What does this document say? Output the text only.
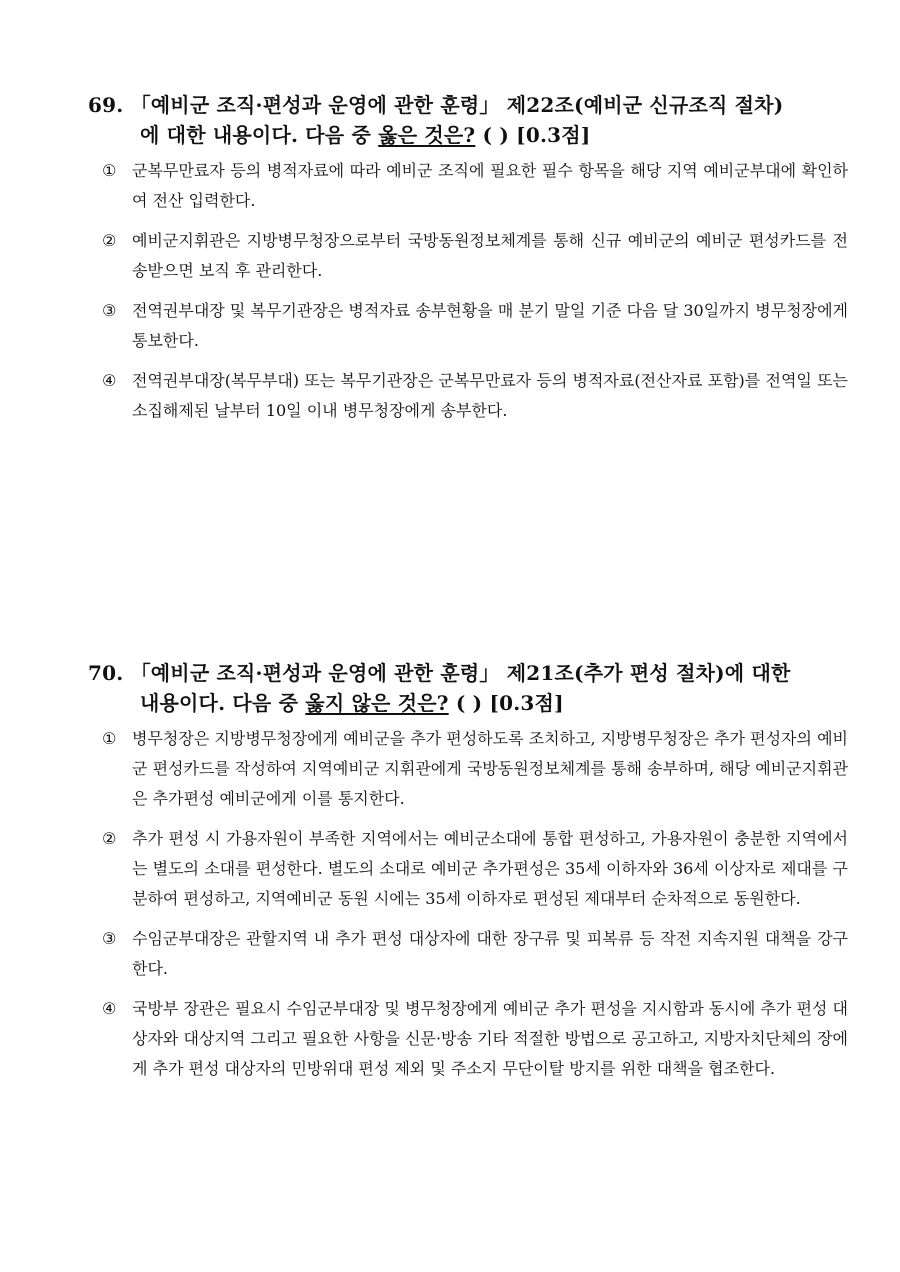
69. 「예비군 조직·편성과 운영에 관한 훈령」 제22조(예비군 신규조직 절차)
에 대한 내용이다. 다음 중 옳은 것은? ( ) [0.3점]
① 군복무만료자 등의 병적자료에 따라 예비군 조직에 필요한 필수 항목을 해당 지역 예비군부대에 확인하여 전산 입력한다.
② 예비군지휘관은 지방병무청장으로부터 국방동원정보체계를 통해 신규 예비군의 예비군 편성카드를 전송받으면 보직 후 관리한다.
③ 전역권부대장 및 복무기관장은 병적자료 송부현황을 매 분기 말일 기준 다음 달 30일까지 병무청장에게 통보한다.
④ 전역권부대장(복무부대) 또는 복무기관장은 군복무만료자 등의 병적자료(전산자료 포함)를 전역일 또는 소집해제된 날부터 10일 이내 병무청장에게 송부한다.
70. 「예비군 조직·편성과 운영에 관한 훈령」 제21조(추가 편성 절차)에 대한
내용이다. 다음 중 옳지 않은 것은? ( ) [0.3점]
① 병무청장은 지방병무청장에게 예비군을 추가 편성하도록 조치하고, 지방병무청장은 추가 편성자의 예비군 편성카드를 작성하여 지역예비군 지휘관에게 국방동원정보체계를 통해 송부하며, 해당 예비군지휘관은 추가편성 예비군에게 이를 통지한다.
② 추가 편성 시 가용자원이 부족한 지역에서는 예비군소대에 통합 편성하고, 가용자원이 충분한 지역에서는 별도의 소대를 편성한다. 별도의 소대로 예비군 추가편성은 35세 이하자와 36세 이상자로 제대를 구분하여 편성하고, 지역예비군 동원 시에는 35세 이하자로 편성된 제대부터 순차적으로 동원한다.
③ 수임군부대장은 관할지역 내 추가 편성 대상자에 대한 장구류 및 피복류 등 작전 지속지원 대책을 강구한다.
④ 국방부 장관은 필요시 수임군부대장 및 병무청장에게 예비군 추가 편성을 지시함과 동시에 추가 편성 대상자와 대상지역 그리고 필요한 사항을 신문·방송 기타 적절한 방법으로 공고하고, 지방자치단체의 장에게 추가 편성 대상자의 민방위대 편성 제외 및 주소지 무단이탈 방지를 위한 대책을 협조한다.
